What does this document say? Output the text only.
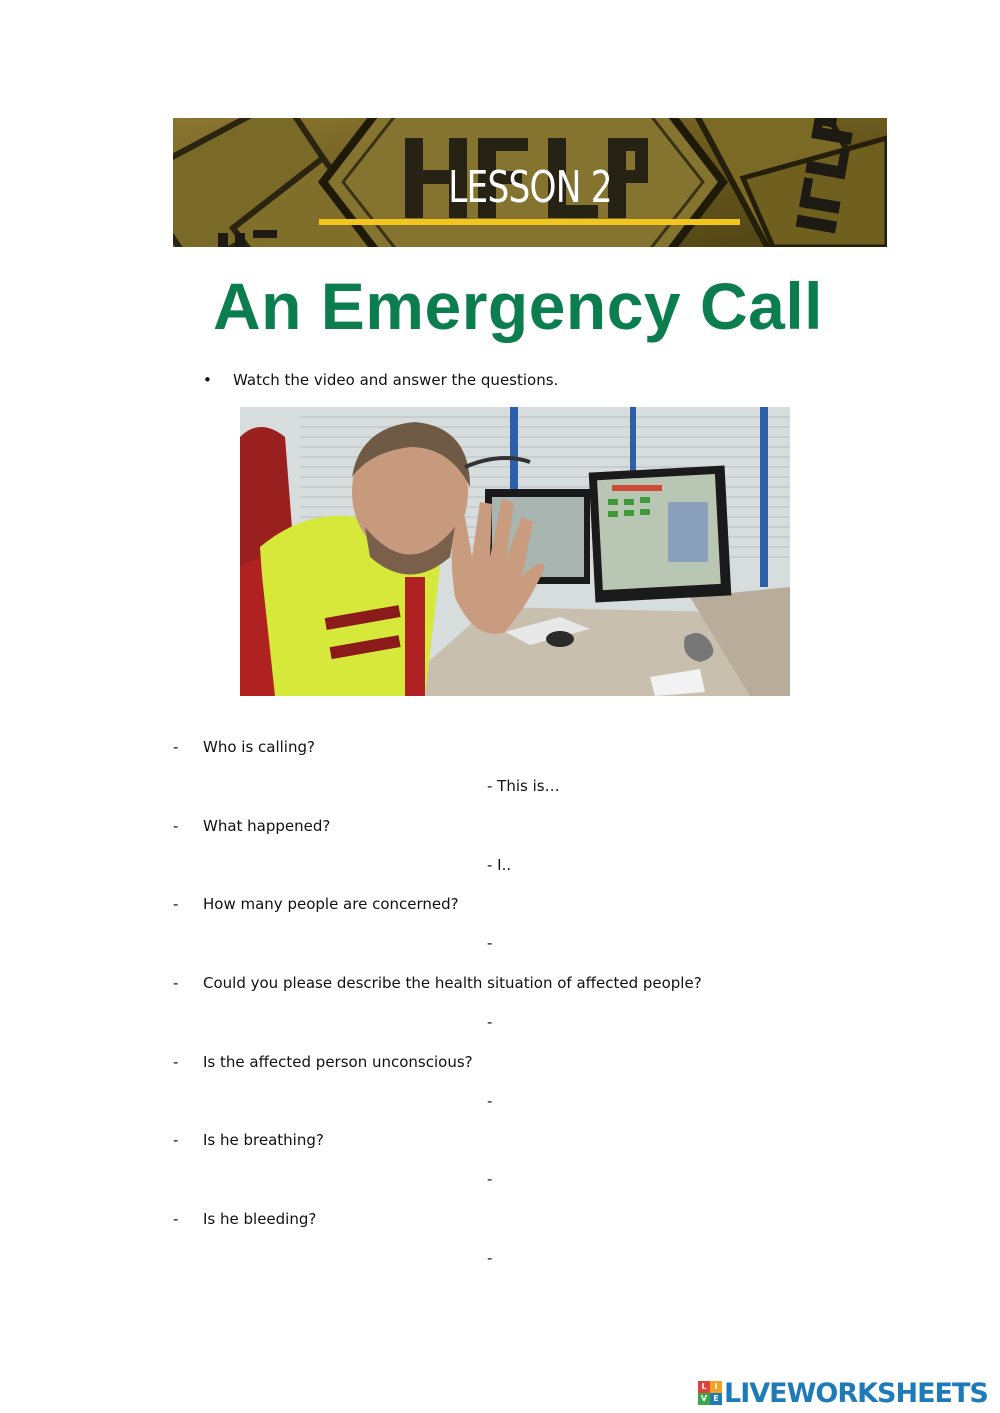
LESSON 2
An Emergency Call
• Watch the video and answer the questions.
- Who is calling?
- This is…
- What happened?
- I..
- How many people are concerned?
-
- Could you please describe the health situation of affected people?
-
- Is the affected person unconscious?
-
- Is he breathing?
-
- Is he bleeding?
-
L I
V E LIVEWORKSHEETS
